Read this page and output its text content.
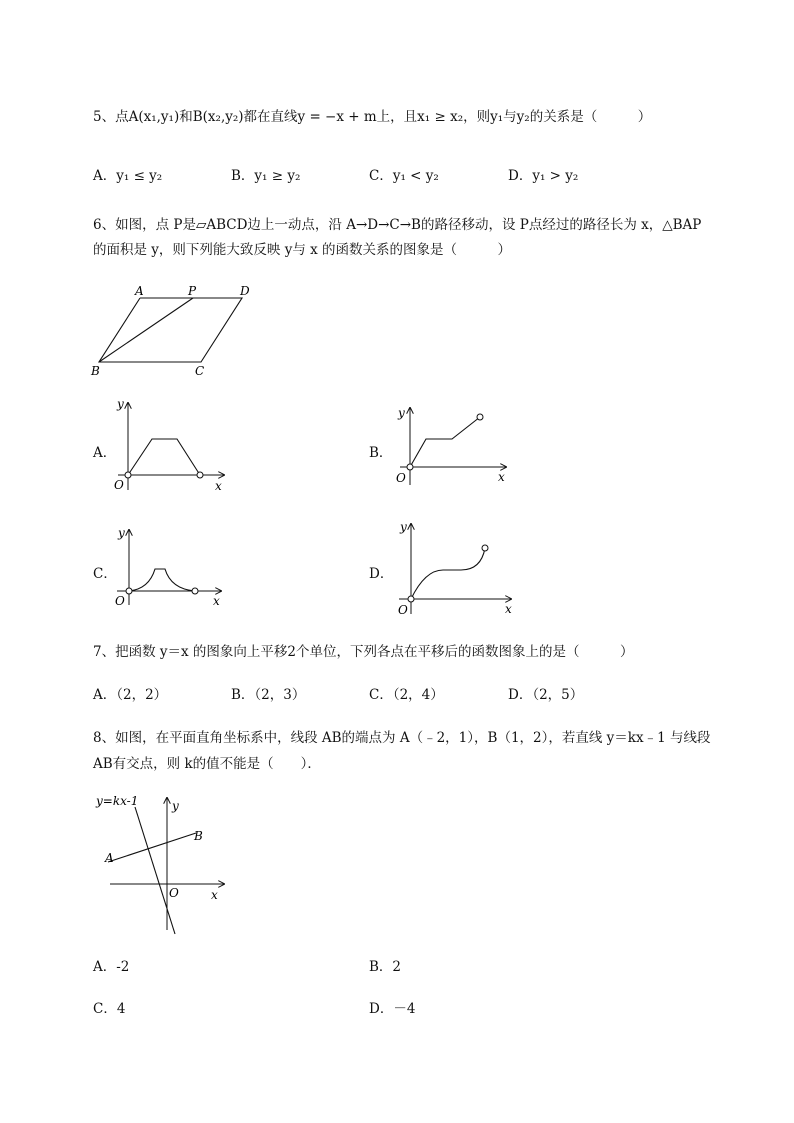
5、点A(x₁,y₁)和B(x₂,y₂)都在直线y = −x + m上，且x₁ ≥ x₂，则y₁与y₂的关系是（　　　）
A．y₁ ≤ y₂	B．y₁ ≥ y₂	C．y₁ < y₂	D．y₁ > y₂
6、如图，点 P是▱ABCD边上一动点，沿 A→D→C→B的路径移动，设 P点经过的路径长为 x，△BAP
的面积是 y，则下列能大致反映 y与 x 的函数关系的图象是（　　　）
A	P	D
B	C
A．
y
x
O
B．
y
x
O
C．
y
x
O
D．
y
x
O
7、把函数 y＝x 的图象向上平移2个单位，下列各点在平移后的函数图象上的是（　　　）
A．（2，2）	B．（2，3）	C．（2，4）	D．（2，5）
8、如图，在平面直角坐标系中，线段 AB的端点为 A（﹣2，1），B（1，2），若直线 y＝kx﹣1 与线段
AB有交点，则 k的值不能是（　　）．
y=kx-1	y
B
A
O	x
A．-2	B．2
C．4	D．－4
